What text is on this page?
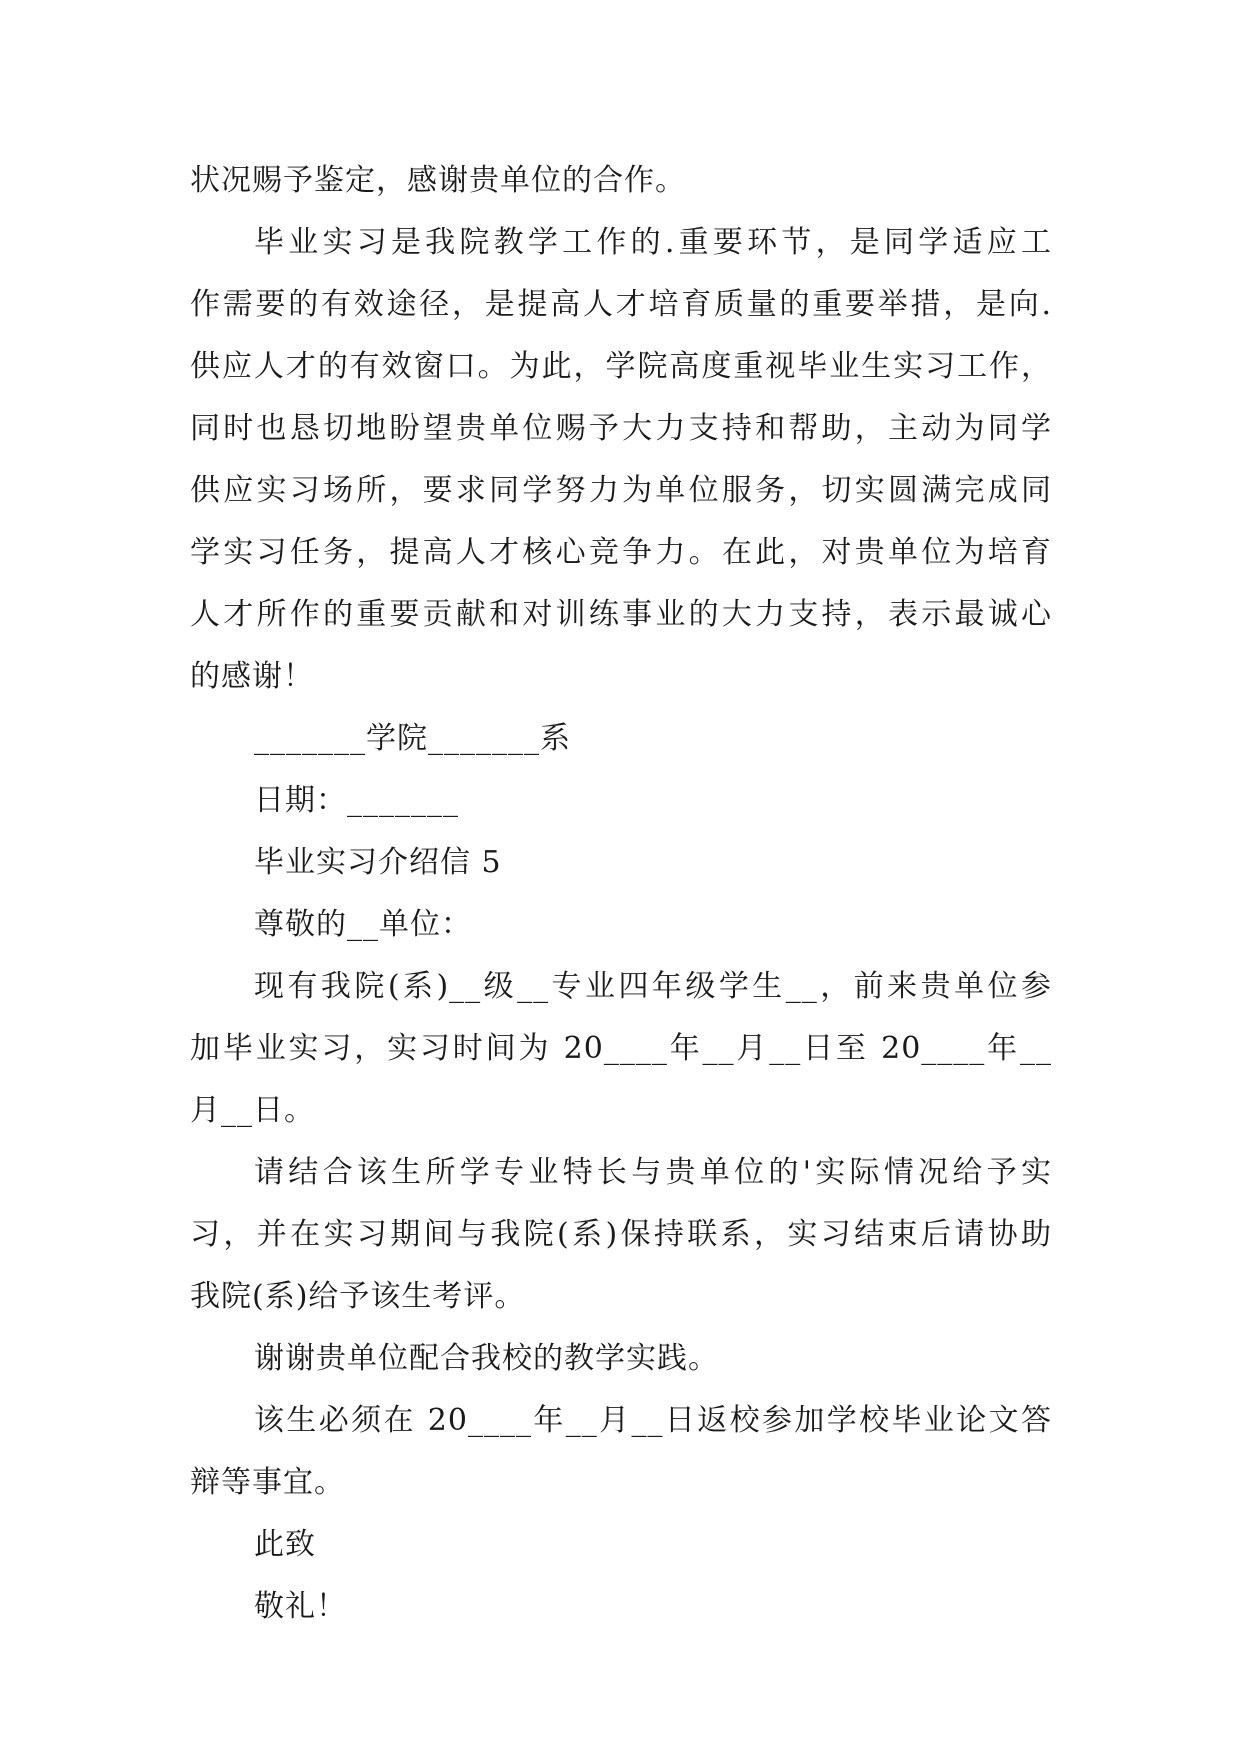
状况赐予鉴定，感谢贵单位的合作。
毕业实习是我院教学工作的.重要环节，是同学适应工
作需要的有效途径，是提高人才培育质量的重要举措，是向.
供应人才的有效窗口。为此，学院高度重视毕业生实习工作，
同时也恳切地盼望贵单位赐予大力支持和帮助，主动为同学
供应实习场所，要求同学努力为单位服务，切实圆满完成同
学实习任务，提高人才核心竞争力。在此，对贵单位为培育
人才所作的重要贡献和对训练事业的大力支持，表示最诚心
的感谢！
_______学院_______系
日期：_______
毕业实习介绍信 5
尊敬的__单位：
现有我院(系)__级__专业四年级学生__，前来贵单位参
加毕业实习，实习时间为 20____年__月__日至 20____年__
月__日。
请结合该生所学专业特长与贵单位的'实际情况给予实
习，并在实习期间与我院(系)保持联系，实习结束后请协助
我院(系)给予该生考评。
谢谢贵单位配合我校的教学实践。
该生必须在 20____年__月__日返校参加学校毕业论文答
辩等事宜。
此致
敬礼！
